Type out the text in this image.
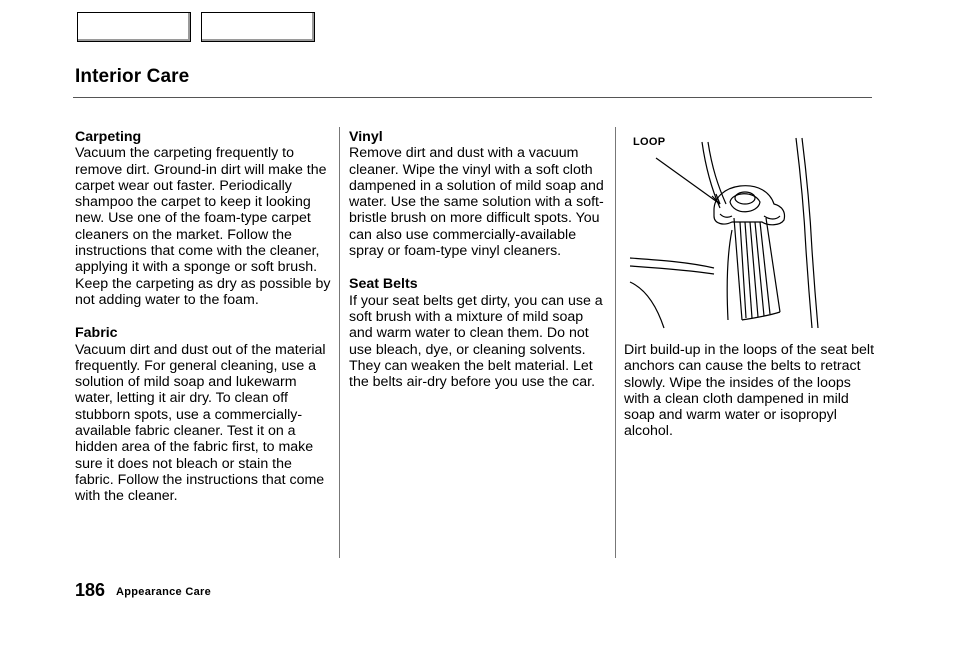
Interior Care
Carpeting

Vacuum the carpeting frequently to remove dirt. Ground-in dirt will make the carpet wear out faster. Periodically shampoo the carpet to keep it looking new. Use one of the foam-type carpet cleaners on the market. Follow the instructions that come with the cleaner, applying it with a sponge or soft brush. Keep the carpeting as dry as possible by not adding water to the foam.

Fabric

Vacuum dirt and dust out of the material frequently. For general cleaning, use a solution of mild soap and lukewarm water, letting it air dry. To clean off stubborn spots, use a commercially-available fabric cleaner. Test it on a hidden area of the fabric first, to make sure it does not bleach or stain the fabric. Follow the instructions that come with the cleaner.

Vinyl

Remove dirt and dust with a vacuum cleaner. Wipe the vinyl with a soft cloth dampened in a solution of mild soap and water. Use the same solution with a soft-bristle brush on more difficult spots. You can also use commercially-available spray or foam-type vinyl cleaners.

Seat Belts

If your seat belts get dirty, you can use a soft brush with a mixture of mild soap and warm water to clean them. Do not use bleach, dye, or cleaning solvents. They can weaken the belt material. Let the belts air-dry before you use the car.

LOOP

Dirt build-up in the loops of the seat belt anchors can cause the belts to retract slowly. Wipe the insides of the loops with a clean cloth dampened in mild soap and warm water or isopropyl alcohol.

186 Appearance Care
